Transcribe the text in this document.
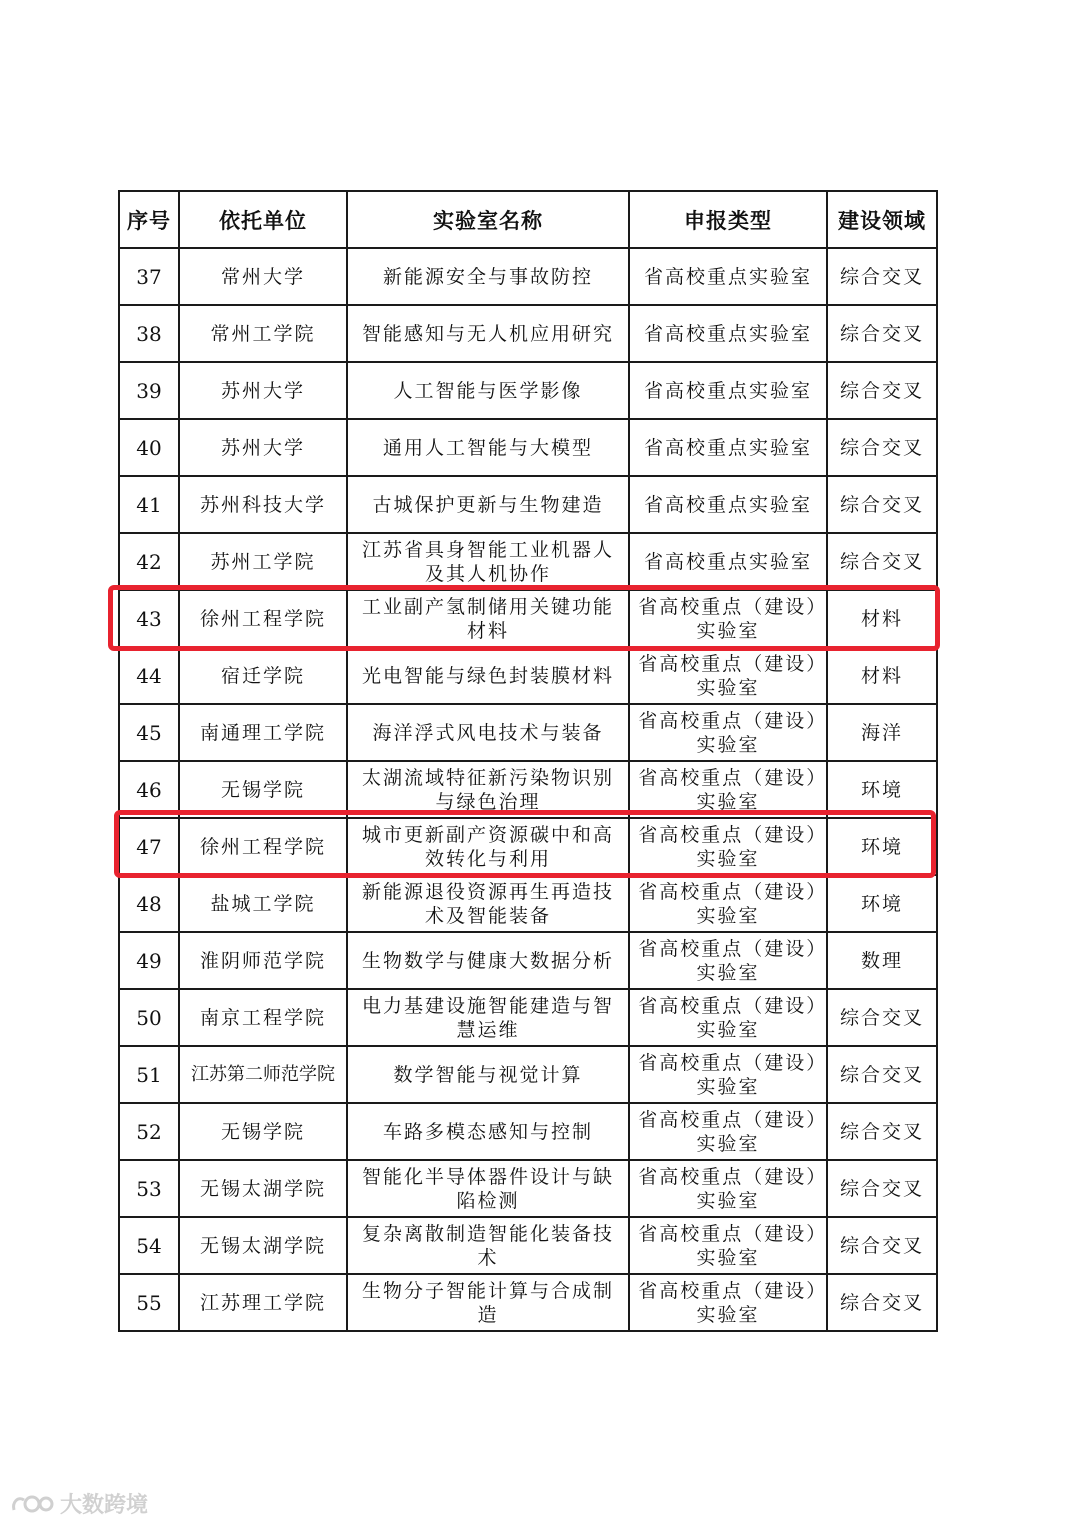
序号	依托单位	实验室名称	申报类型	建设领域
37	常州大学	新能源安全与事故防控	省高校重点实验室	综合交叉
38	常州工学院	智能感知与无人机应用研究	省高校重点实验室	综合交叉
39	苏州大学	人工智能与医学影像	省高校重点实验室	综合交叉
40	苏州大学	通用人工智能与大模型	省高校重点实验室	综合交叉
41	苏州科技大学	古城保护更新与生物建造	省高校重点实验室	综合交叉
42	苏州工学院	江苏省具身智能工业机器人及其人机协作	省高校重点实验室	综合交叉
43	徐州工程学院	工业副产氢制储用关键功能材料	省高校重点（建设）实验室	材料
44	宿迁学院	光电智能与绿色封装膜材料	省高校重点（建设）实验室	材料
45	南通理工学院	海洋浮式风电技术与装备	省高校重点（建设）实验室	海洋
46	无锡学院	太湖流域特征新污染物识别与绿色治理	省高校重点（建设）实验室	环境
47	徐州工程学院	城市更新副产资源碳中和高效转化与利用	省高校重点（建设）实验室	环境
48	盐城工学院	新能源退役资源再生再造技术及智能装备	省高校重点（建设）实验室	环境
49	淮阴师范学院	生物数学与健康大数据分析	省高校重点（建设）实验室	数理
50	南京工程学院	电力基建设施智能建造与智慧运维	省高校重点（建设）实验室	综合交叉
51	江苏第二师范学院	数学智能与视觉计算	省高校重点（建设）实验室	综合交叉
52	无锡学院	车路多模态感知与控制	省高校重点（建设）实验室	综合交叉
53	无锡太湖学院	智能化半导体器件设计与缺陷检测	省高校重点（建设）实验室	综合交叉
54	无锡太湖学院	复杂离散制造智能化装备技术	省高校重点（建设）实验室	综合交叉
55	江苏理工学院	生物分子智能计算与合成制造	省高校重点（建设）实验室	综合交叉
大数跨境
